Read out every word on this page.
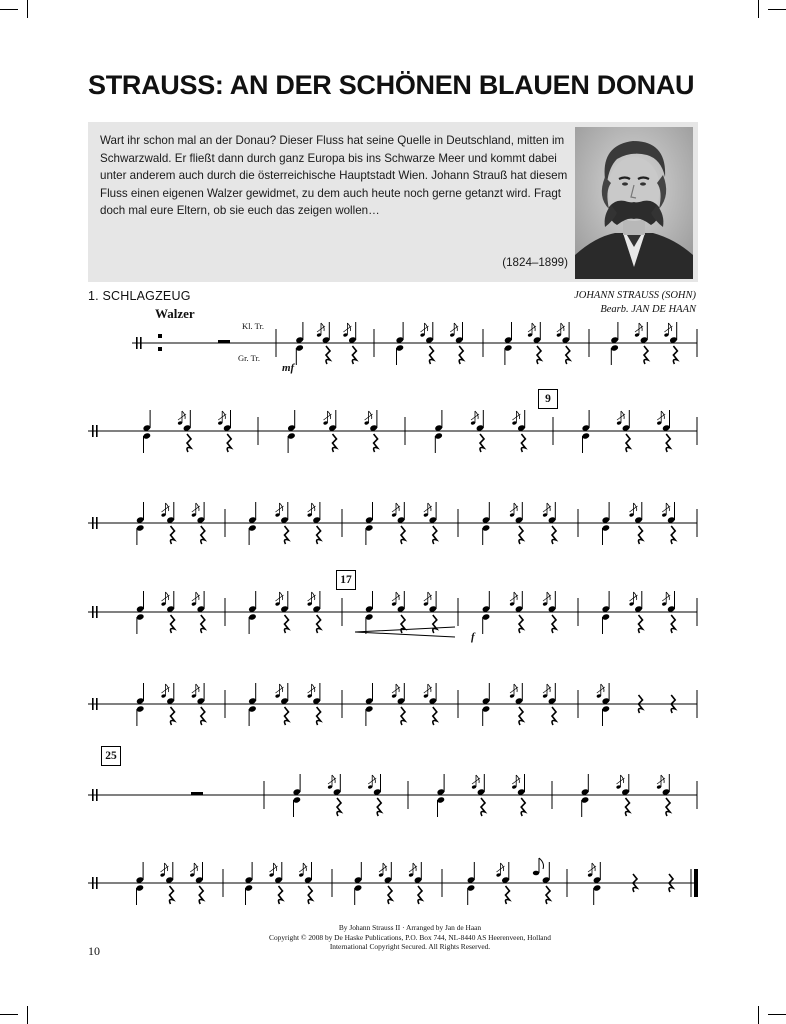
STRAUSS: AN DER SCHÖNEN BLAUEN DONAU

Wart ihr schon mal an der Donau? Dieser Fluss hat seine Quelle in Deutschland, mitten im Schwarzwald. Er fließt dann durch ganz Europa bis ins Schwarze Meer und kommt dabei unter anderem auch durch die österreichische Hauptstadt Wien. Johann Strauß hat diesem Fluss einen eigenen Walzer gewidmet, zu dem auch heute noch gerne getanzt wird. Fragt doch mal eure Eltern, ob sie euch das zeigen wollen…

(1824–1899)
1. SCHLAGZEUG	JOHANN STRAUSS (SOHN)
Bearb. JAN DE HAAN
Walzer
Kl. Tr.
Gr. Tr.
9
17
25
mf
f
By Johann Strauss II · Arranged by Jan de Haan
Copyright © 2008 by De Haske Publications, P.O. Box 744, NL-8440 AS Heerenveen, Holland
International Copyright Secured. All Rights Reserved.
10
